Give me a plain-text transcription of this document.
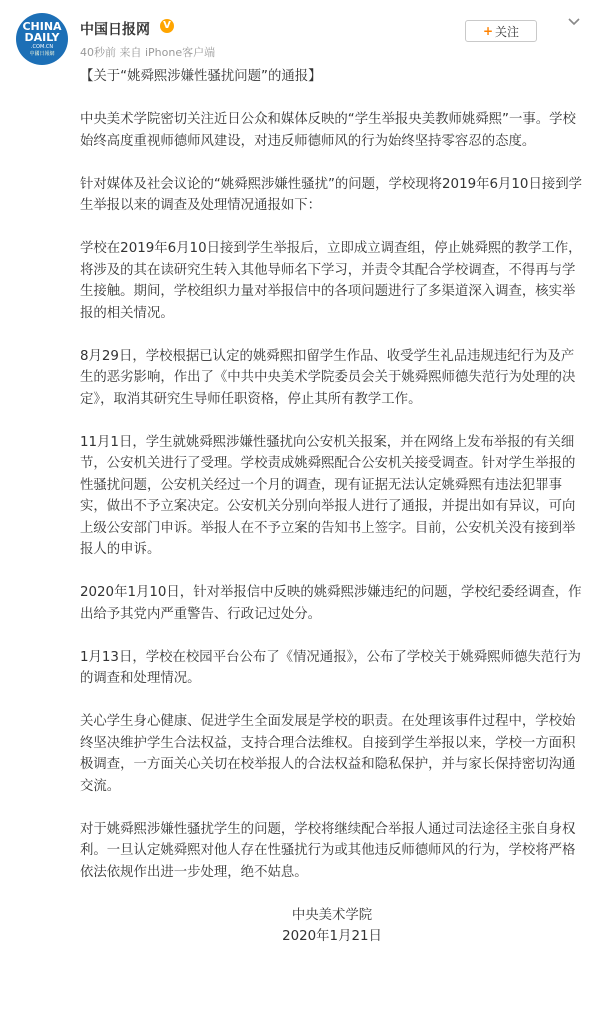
CHINA
DAILY
.COM.CN
中國日報網
中国日报网	V
40秒前 来自 iPhone客户端
+ 关注

【关于“姚舜熙涉嫌性骚扰问题”的通报】

中央美术学院密切关注近日公众和媒体反映的“学生举报央美教师姚舜熙”一事。学校始终高度重视师德师风建设，对违反师德师风的行为始终坚持零容忍的态度。

针对媒体及社会议论的“姚舜熙涉嫌性骚扰”的问题，学校现将2019年6月10日接到学生举报以来的调查及处理情况通报如下：

学校在2019年6月10日接到学生举报后，立即成立调查组，停止姚舜熙的教学工作，将涉及的其在读研究生转入其他导师名下学习，并责令其配合学校调查，不得再与学生接触。期间，学校组织力量对举报信中的各项问题进行了多渠道深入调查，核实举报的相关情况。

8月29日，学校根据已认定的姚舜熙扣留学生作品、收受学生礼品违规违纪行为及产生的恶劣影响，作出了《中共中央美术学院委员会关于姚舜熙师德失范行为处理的决定》，取消其研究生导师任职资格，停止其所有教学工作。

11月1日，学生就姚舜熙涉嫌性骚扰向公安机关报案，并在网络上发布举报的有关细节，公安机关进行了受理。学校责成姚舜熙配合公安机关接受调查。针对学生举报的性骚扰问题，公安机关经过一个月的调查，现有证据无法认定姚舜熙有违法犯罪事实，做出不予立案决定。公安机关分别向举报人进行了通报，并提出如有异议，可向上级公安部门申诉。举报人在不予立案的告知书上签字。目前，公安机关没有接到举报人的申诉。

2020年1月10日，针对举报信中反映的姚舜熙涉嫌违纪的问题，学校纪委经调查，作出给予其党内严重警告、行政记过处分。

1月13日，学校在校园平台公布了《情况通报》，公布了学校关于姚舜熙师德失范行为的调查和处理情况。

关心学生身心健康、促进学生全面发展是学校的职责。在处理该事件过程中，学校始终坚决维护学生合法权益，支持合理合法维权。自接到学生举报以来，学校一方面积极调查，一方面关心关切在校举报人的合法权益和隐私保护，并与家长保持密切沟通交流。

对于姚舜熙涉嫌性骚扰学生的问题，学校将继续配合举报人通过司法途径主张自身权利。一旦认定姚舜熙对他人存在性骚扰行为或其他违反师德师风的行为，学校将严格依法依规作出进一步处理，绝不姑息。

中央美术学院

2020年1月21日
